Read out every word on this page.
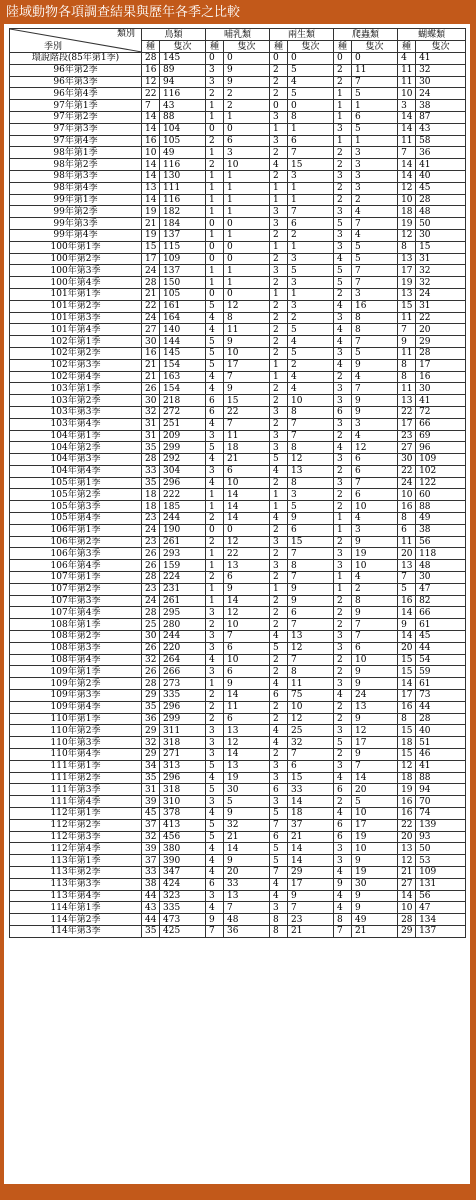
陸域動物各項調查結果與歷年各季之比較
類別
季別	鳥類		哺乳類		兩生類		爬蟲類		蝴蝶類	
	種	隻次	種	隻次	種	隻次	種	隻次	種	隻次
環說階段(85年第1季)	28	145	0	0	0	0	0	0	4	41
96年第2季	16	89	3	9	2	5	2	11	11	32
96年第3季	12	94	3	9	2	4	2	7	11	30
96年第4季	22	116	2	2	2	5	1	5	10	24
97年第1季	7	43	1	2	0	0	1	1	3	38
97年第2季	14	88	1	1	3	8	1	6	14	87
97年第3季	14	104	0	0	1	1	3	5	14	43
97年第4季	16	105	2	6	3	6	1	1	11	58
98年第1季	10	49	1	3	2	7	2	3	7	36
98年第2季	14	116	2	10	4	15	2	3	14	41
98年第3季	14	130	1	1	2	3	3	3	14	40
98年第4季	13	111	1	1	1	1	2	3	12	45
99年第1季	14	116	1	1	1	1	2	2	10	28
99年第2季	19	182	1	1	3	7	3	4	18	48
99年第3季	21	184	0	0	3	6	5	7	19	50
99年第4季	19	137	1	1	2	2	3	4	12	30
100年第1季	15	115	0	0	1	1	3	5	8	15
100年第2季	17	109	0	0	2	3	4	5	13	31
100年第3季	24	137	1	1	3	5	5	7	17	32
100年第4季	28	150	1	1	2	3	5	7	19	32
101年第1季	21	105	0	0	1	1	2	3	13	24
101年第2季	22	161	5	12	2	3	4	16	15	31
101年第3季	24	164	4	8	2	2	3	8	11	22
101年第4季	27	140	4	11	2	5	4	8	7	20
102年第1季	30	144	5	9	2	4	4	7	9	29
102年第2季	16	145	5	10	2	5	3	5	11	28
102年第3季	21	154	5	17	1	2	4	9	8	17
102年第4季	21	163	4	7	1	4	2	4	8	16
103年第1季	26	154	4	9	2	4	3	7	11	30
103年第2季	30	218	6	15	2	10	3	9	13	41
103年第3季	32	272	6	22	3	8	6	9	22	72
103年第4季	31	251	4	7	2	7	3	3	17	66
104年第1季	31	209	3	11	3	7	2	4	23	69
104年第2季	35	299	5	18	3	8	4	12	27	96
104年第3季	28	292	4	21	5	12	3	6	30	109
104年第4季	33	304	3	6	4	13	2	6	22	102
105年第1季	35	296	4	10	2	8	3	7	24	122
105年第2季	18	222	1	14	1	3	2	6	10	60
105年第3季	18	185	1	14	1	5	2	10	16	88
105年第4季	23	244	2	14	4	9	1	4	8	49
106年第1季	24	190	0	0	2	6	1	3	6	38
106年第2季	23	261	2	12	3	15	2	9	11	56
106年第3季	26	293	1	22	2	7	3	19	20	118
106年第4季	26	159	1	13	3	8	3	10	13	48
107年第1季	28	224	2	6	2	7	1	4	7	30
107年第2季	23	231	1	9	1	9	1	2	5	47
107年第3季	24	261	1	14	2	9	2	8	16	82
107年第4季	28	295	3	12	2	6	2	9	14	66
108年第1季	25	280	2	10	2	7	2	7	9	61
108年第2季	30	244	3	7	4	13	3	7	14	45
108年第3季	26	220	3	6	5	12	3	6	20	44
108年第4季	32	264	4	10	2	7	2	10	15	54
109年第1季	26	266	3	6	2	8	2	9	15	59
109年第2季	28	273	1	9	4	11	3	9	14	61
109年第3季	29	335	2	14	6	75	4	24	17	73
109年第4季	35	296	2	11	2	10	2	13	16	44
110年第1季	36	299	2	6	2	12	2	9	8	28
110年第2季	29	311	3	13	4	25	3	12	15	40
110年第3季	32	318	3	12	4	32	5	17	18	51
110年第4季	29	271	3	14	2	7	2	9	15	46
111年第1季	34	313	5	13	3	6	3	7	12	41
111年第2季	35	296	4	19	3	15	4	14	18	88
111年第3季	31	318	5	30	6	33	6	20	19	94
111年第4季	39	310	3	5	3	14	2	5	16	70
112年第1季	45	378	4	9	5	18	4	10	16	74
112年第2季	37	413	5	32	7	37	6	17	22	139
112年第3季	32	456	5	21	6	21	6	19	20	93
112年第4季	39	380	4	14	5	14	3	10	13	50
113年第1季	37	390	4	9	5	14	3	9	12	53
113年第2季	33	347	4	20	7	29	4	19	21	109
113年第3季	38	424	6	33	4	17	9	30	27	131
113年第4季	44	323	3	13	4	9	4	9	14	56
114年第1季	43	335	4	7	3	7	4	9	10	47
114年第2季	44	473	9	48	8	23	8	49	28	134
114年第3季	35	425	7	36	8	21	7	21	29	137
